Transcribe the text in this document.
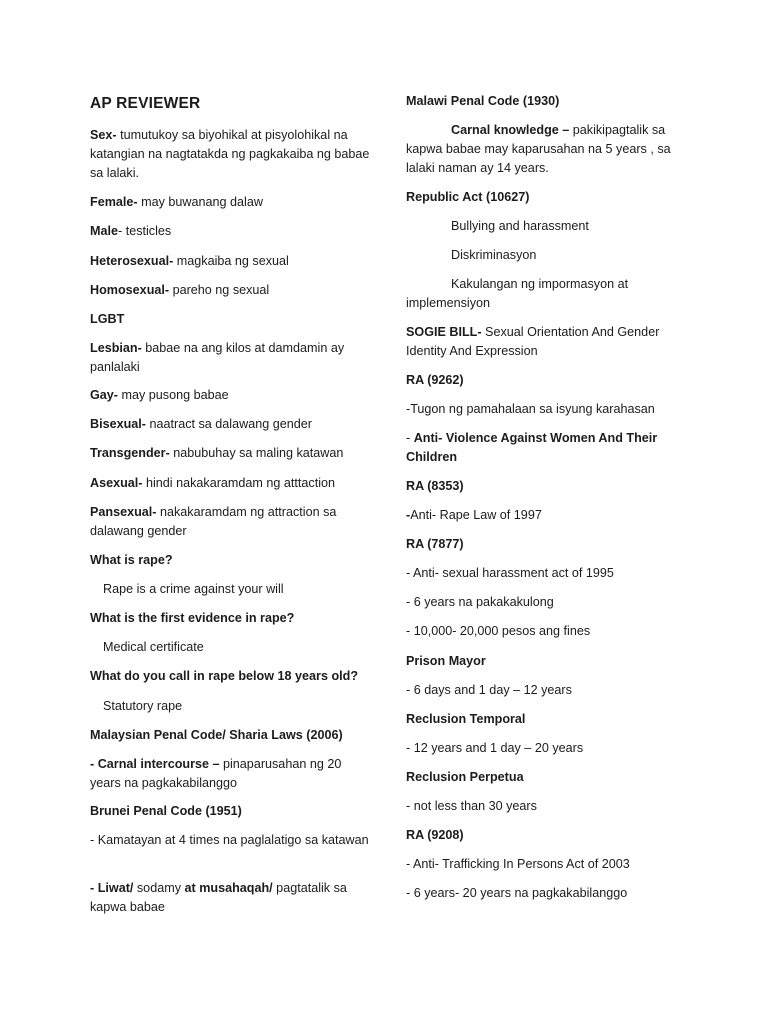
AP REVIEWER

Sex- tumutukoy sa biyohikal at pisyolohikal na katangian na nagtatakda ng pagkakaiba ng babae sa lalaki.

Female- may buwanang dalaw

Male- testicles

Heterosexual- magkaiba ng sexual

Homosexual- pareho ng sexual

LGBT

Lesbian- babae na ang kilos at damdamin ay panlalaki

Gay- may pusong babae

Bisexual- naatract sa dalawang gender

Transgender- nabubuhay sa maling katawan

Asexual- hindi nakakaramdam ng atttaction

Pansexual- nakakaramdam ng attraction sa dalawang gender

What is rape?

Rape is a crime against your will

What is the first evidence in rape?

Medical certificate

What do you call in rape below 18 years old?

Statutory rape

Malaysian Penal Code/ Sharia Laws (2006)

- Carnal intercourse – pinaparusahan ng 20 years na pagkakabilanggo

Brunei Penal Code (1951)

- Kamatayan at 4 times na paglalatigo sa katawan

- Liwat/ sodamy at musahaqah/ pagtatalik sa kapwa babae

Malawi Penal Code (1930)

Carnal knowledge – pakikipagtalik sa kapwa babae may kaparusahan na 5 years , sa lalaki naman ay 14 years.

Republic Act (10627)

Bullying and harassment

Diskriminasyon

Kakulangan ng impormasyon at implemensiyon

SOGIE BILL- Sexual Orientation And Gender Identity And Expression

RA (9262)

-Tugon ng pamahalaan sa isyung karahasan

- Anti- Violence Against Women And Their Children

RA (8353)

-Anti- Rape Law of 1997

RA (7877)

- Anti- sexual harassment act of 1995

- 6 years na pakakakulong

- 10,000- 20,000 pesos ang fines

Prison Mayor

- 6 days and 1 day – 12 years

Reclusion Temporal

- 12 years and 1 day – 20 years

Reclusion Perpetua

- not less than 30 years

RA (9208)

- Anti- Trafficking In Persons Act of 2003

- 6 years- 20 years na pagkakabilanggo
